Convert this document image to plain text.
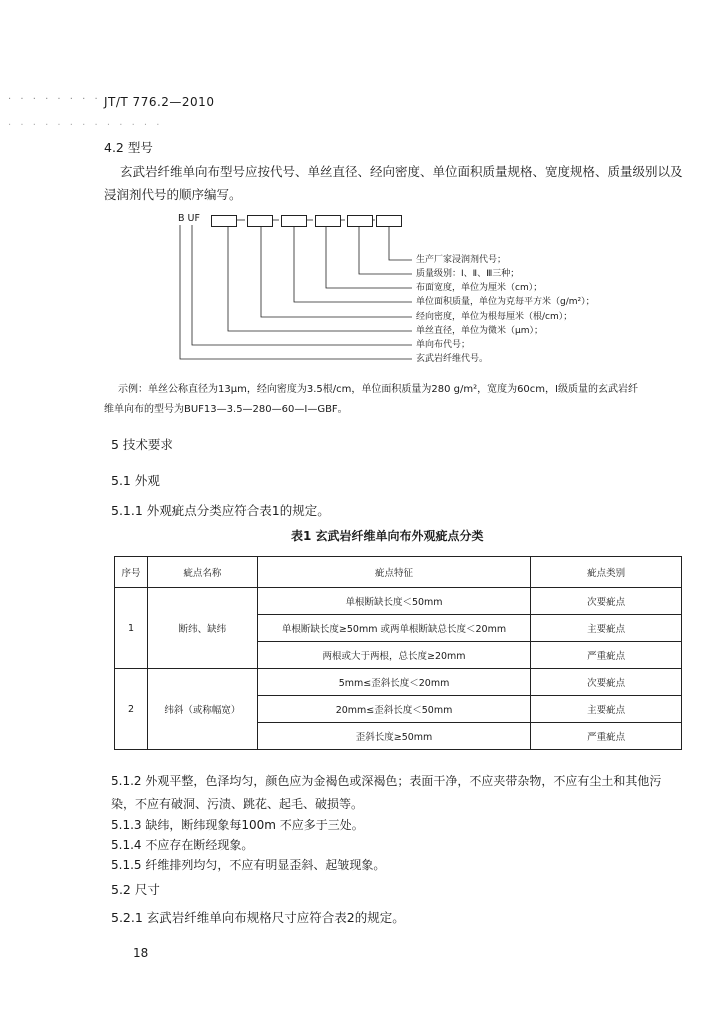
· · · · · · · ·
· · · · · · · · · · · · ·
JT/T 776.2—2010
4.2 型号
玄武岩纤维单向布型号应按代号、单丝直径、经向密度、单位面积质量规格、宽度规格、质量级别以及
浸润剂代号的顺序编写。
B UF
生产厂家浸润剂代号；
质量级别：Ⅰ、Ⅱ、Ⅲ三种；
布面宽度，单位为厘米（cm）；
单位面积质量，单位为克每平方米（g/m²）；
经向密度，单位为根每厘米（根/cm）；
单丝直径，单位为微米（μm）；
单向布代号；
玄武岩纤维代号。
示例：单丝公称直径为13μm，经向密度为3.5根/cm，单位面积质量为280 g/m²，宽度为60cm，Ⅰ级质量的玄武岩纤
维单向布的型号为BUF13—3.5—280—60—Ⅰ—GBF。
5 技术要求
5.1 外观
5.1.1 外观疵点分类应符合表1的规定。
表1 玄武岩纤维单向布外观疵点分类
序号	疵点名称	疵点特征	疵点类别
1	断纬、缺纬	单根断缺长度＜50mm	次要疵点
		单根断缺长度≥50mm 或两单根断缺总长度＜20mm	主要疵点
		两根或大于两根，总长度≥20mm	严重疵点
2	纬斜（或称幅宽）	5mm≤歪斜长度＜20mm	次要疵点
		20mm≤歪斜长度＜50mm	主要疵点
		歪斜长度≥50mm	严重疵点
5.1.2 外观平整，色泽均匀，颜色应为金褐色或深褐色；表面干净，不应夹带杂物，不应有尘土和其他污
染，不应有破洞、污渍、跳花、起毛、破损等。
5.1.3 缺纬，断纬现象每100m 不应多于三处。
5.1.4 不应存在断经现象。
5.1.5 纤维排列均匀，不应有明显歪斜、起皱现象。
5.2 尺寸
5.2.1 玄武岩纤维单向布规格尺寸应符合表2的规定。
18
